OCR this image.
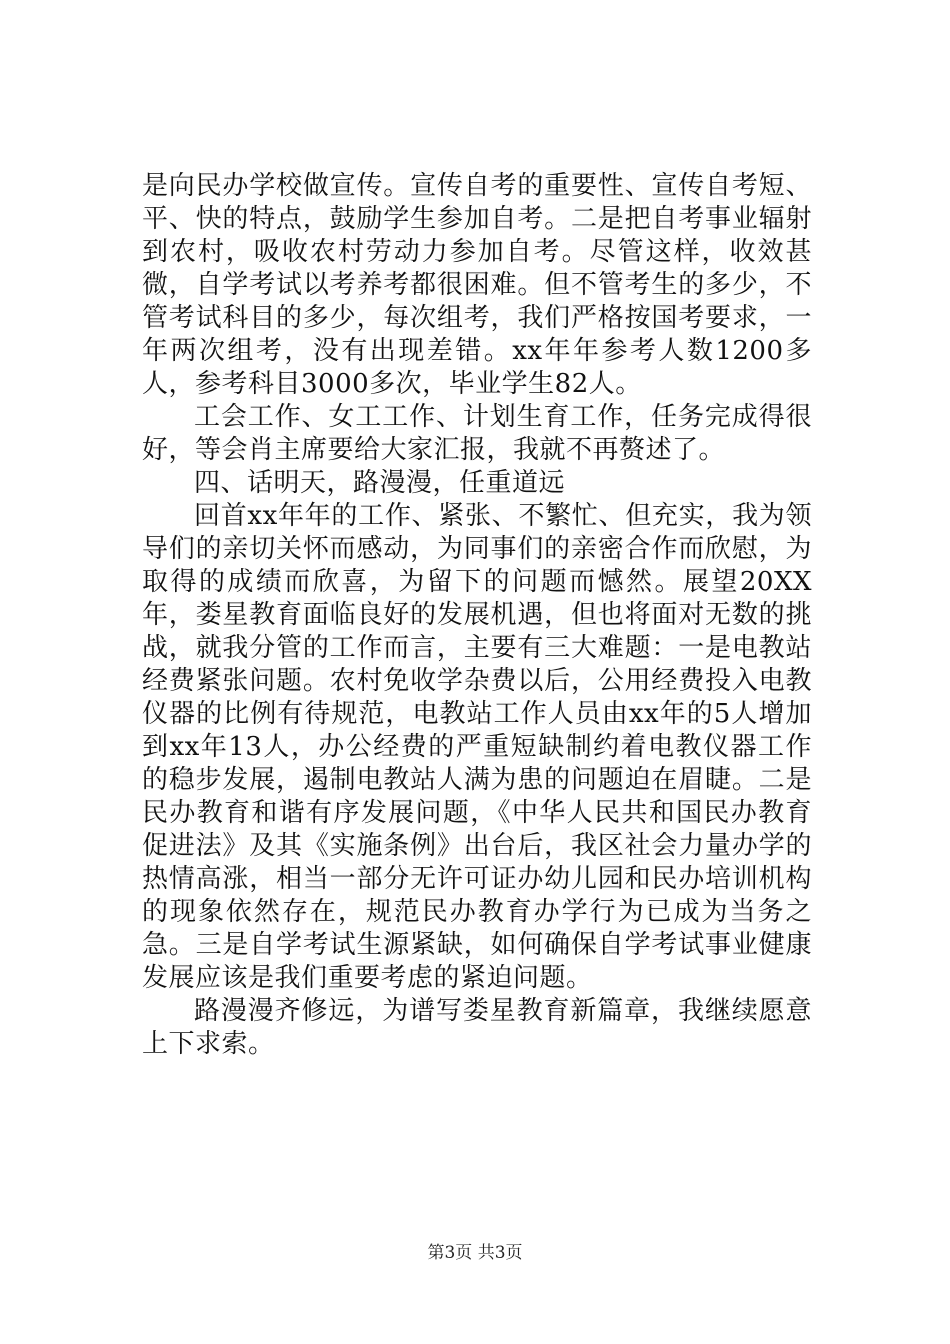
是向民办学校做宣传。宣传自考的重要性、宣传自考短、平、快的特点，鼓励学生参加自考。二是把自考事业辐射到农村，吸收农村劳动力参加自考。尽管这样，收效甚微，自学考试以考养考都很困难。但不管考生的多少，不管考试科目的多少，每次组考，我们严格按国考要求，一年两次组考，没有出现差错。xx年年参考人数1200多人，参考科目3000多次，毕业学生82人。

工会工作、女工工作、计划生育工作，任务完成得很好，等会肖主席要给大家汇报，我就不再赘述了。

四、话明天，路漫漫，任重道远

回首xx年年的工作、紧张、不繁忙、但充实，我为领导们的亲切关怀而感动，为同事们的亲密合作而欣慰，为取得的成绩而欣喜，为留下的问题而憾然。展望20XX年，娄星教育面临良好的发展机遇，但也将面对无数的挑战，就我分管的工作而言，主要有三大难题：一是电教站经费紧张问题。农村免收学杂费以后，公用经费投入电教仪器的比例有待规范，电教站工作人员由xx年的5人增加到xx年13人，办公经费的严重短缺制约着电教仪器工作的稳步发展，遏制电教站人满为患的问题迫在眉睫。二是民办教育和谐有序发展问题，《中华人民共和国民办教育促进法》及其《实施条例》出台后，我区社会力量办学的热情高涨，相当一部分无许可证办幼儿园和民办培训机构的现象依然存在，规范民办教育办学行为已成为当务之急。三是自学考试生源紧缺，如何确保自学考试事业健康发展应该是我们重要考虑的紧迫问题。

路漫漫齐修远，为谱写娄星教育新篇章，我继续愿意上下求索。

第3页 共3页
